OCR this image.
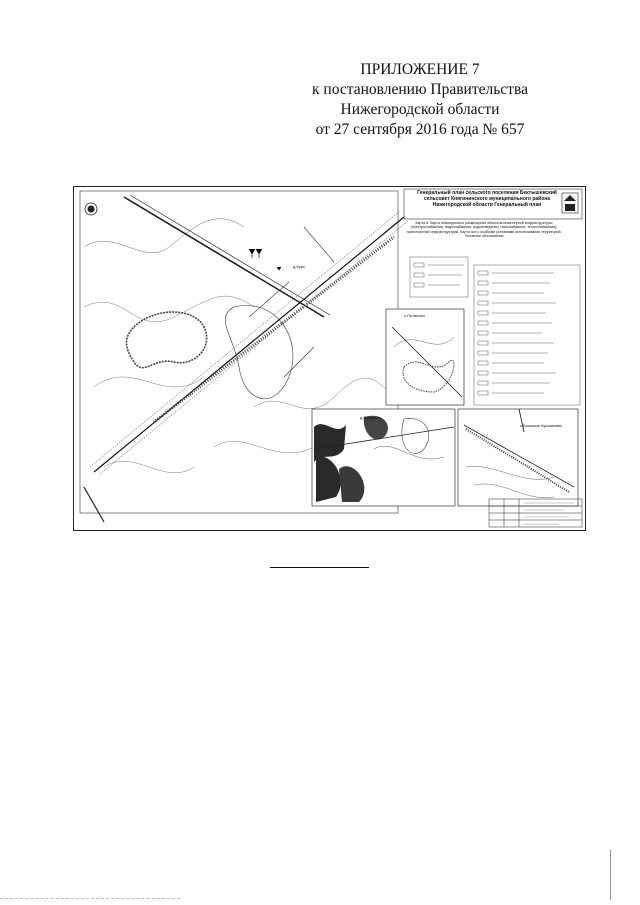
ПРИЛОЖЕНИЕ 7
к постановлению Правительства
Нижегородской области
от 27 сентября 2016 года № 657
Генеральный план сельского поселения Бектышевский сельсовет Княгининского муниципального района Нижегородской области Генеральный план
Карта 8. Карта планируемого размещения объектов инженерной инфраструктуры (электроснабжения, водоснабжения, водоотведения, газоснабжения, теплоснабжения), транспортной инфраструктуры. Карта зон с особыми условиями использования территорий. Условные обозначения
д.Курх
с.Потапово
д.Бакурино
с.Большие Кушниковы
